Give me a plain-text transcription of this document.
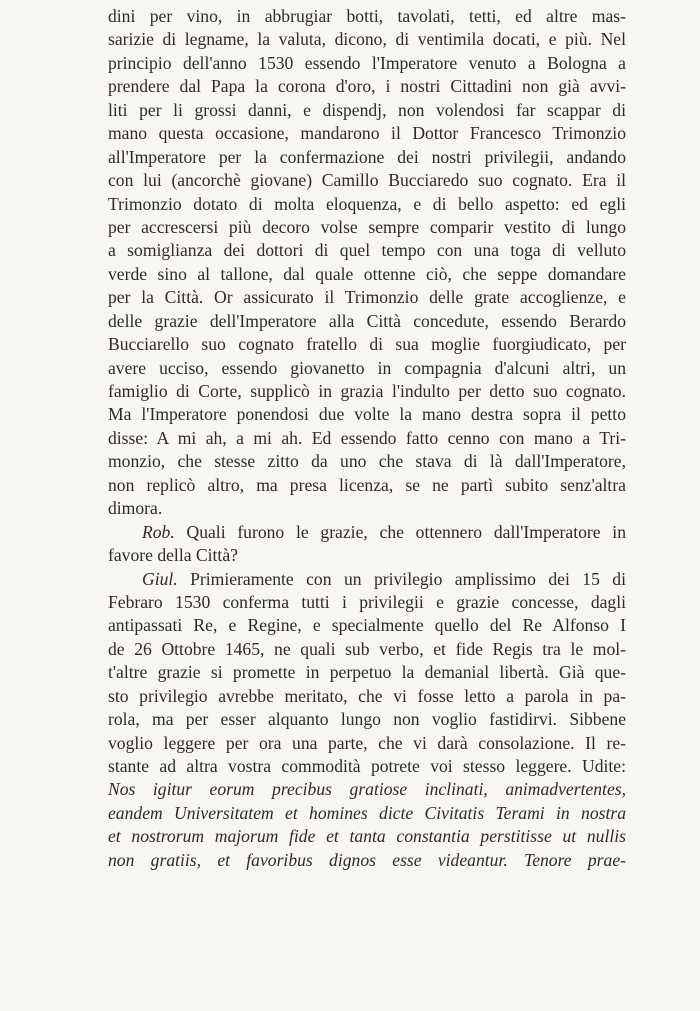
dini per vino, in abbrugiar botti, tavolati, tetti, ed altre mas-
sarizie di legname, la valuta, dicono, di ventimila docati, e più. Nel
principio dell'anno 1530 essendo l'Imperatore venuto a Bologna a
prendere dal Papa la corona d'oro, i nostri Cittadini non già avvi-
liti per li grossi danni, e dispendj, non volendosi far scappar di
mano questa occasione, mandarono il Dottor Francesco Trimonzio
all'Imperatore per la confermazione dei nostri privilegii, andando
con lui (ancorchè giovane) Camillo Bucciaredo suo cognato. Era il
Trimonzio dotato di molta eloquenza, e di bello aspetto: ed egli
per accrescersi più decoro volse sempre comparir vestito di lungo
a somiglianza dei dottori di quel tempo con una toga di velluto
verde sino al tallone, dal quale ottenne ciò, che seppe domandare
per la Città. Or assicurato il Trimonzio delle grate accoglienze, e
delle grazie dell'Imperatore alla Città concedute, essendo Berardo
Bucciarello suo cognato fratello di sua moglie fuorgiudicato, per
avere ucciso, essendo giovanetto in compagnia d'alcuni altri, un
famiglio di Corte, supplicò in grazia l'indulto per detto suo cognato.
Ma l'Imperatore ponendosi due volte la mano destra sopra il petto
disse: A mi ah, a mi ah. Ed essendo fatto cenno con mano a Tri-
monzio, che stesse zitto da uno che stava di là dall'Imperatore,
non replicò altro, ma presa licenza, se ne partì subito senz'altra
dimora.
Rob. Quali furono le grazie, che ottennero dall'Imperatore in
favore della Città?
Giul. Primieramente con un privilegio amplissimo dei 15 di
Febraro 1530 conferma tutti i privilegii e grazie concesse, dagli
antipassati Re, e Regine, e specialmente quello del Re Alfonso I
de 26 Ottobre 1465, ne quali sub verbo, et fide Regis tra le mol-
t'altre grazie si promette in perpetuo la demanial libertà. Già que-
sto privilegio avrebbe meritato, che vi fosse letto a parola in pa-
rola, ma per esser alquanto lungo non voglio fastidirvi. Sibbene
voglio leggere per ora una parte, che vi darà consolazione. Il re-
stante ad altra vostra commodità potrete voi stesso leggere. Udite:
Nos igitur eorum precibus gratiose inclinati, animadvertentes,
eandem Universitatem et homines dicte Civitatis Terami in nostra
et nostrorum majorum fide et tanta constantia perstitisse ut nullis
non gratiis, et favoribus dignos esse videantur. Tenore prae-
